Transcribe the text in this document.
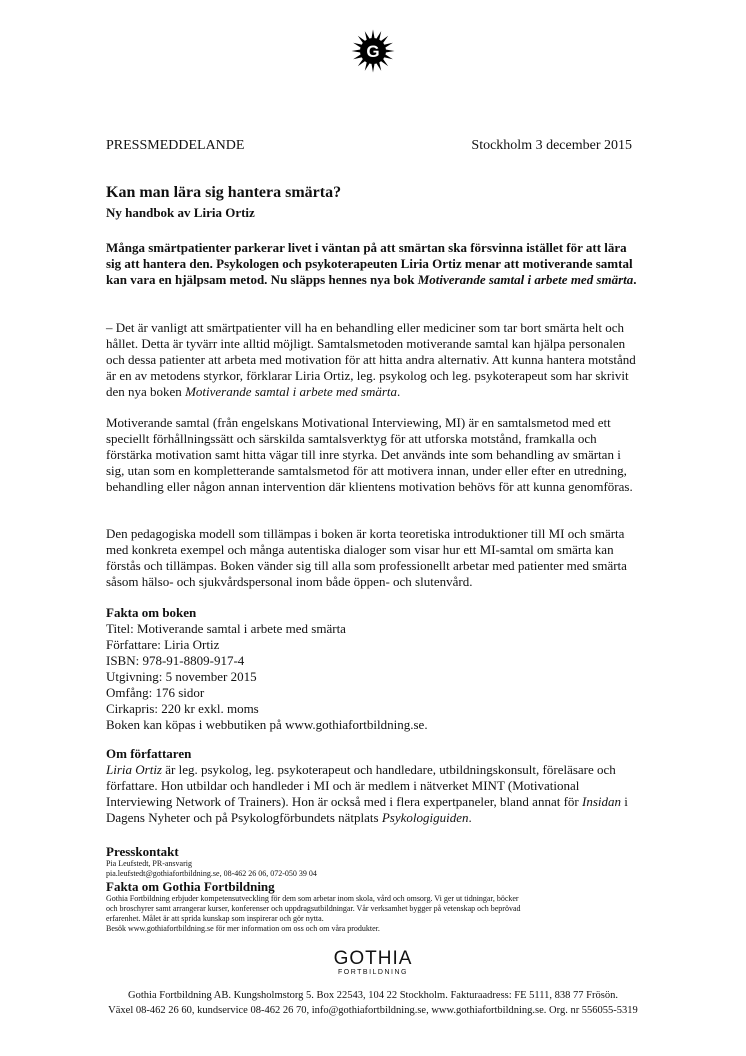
G
PRESSMEDDELANDE	Stockholm 3 december 2015
Kan man lära sig hantera smärta?
Ny handbok av Liria Ortiz

Många smärtpatienter parkerar livet i väntan på att smärtan ska försvinna istället för att lära sig att hantera den. Psykologen och psykoterapeuten Liria Ortiz menar att motiverande samtal kan vara en hjälpsam metod. Nu släpps hennes nya bok Motiverande samtal i arbete med smärta.

– Det är vanligt att smärtpatienter vill ha en behandling eller mediciner som tar bort smärta helt och hållet. Detta är tyvärr inte alltid möjligt. Samtalsmetoden motiverande samtal kan hjälpa personalen och dessa patienter att arbeta med motivation för att hitta andra alternativ. Att kunna hantera motstånd är en av metodens styrkor, förklarar Liria Ortiz, leg. psykolog och leg. psykoterapeut som har skrivit den nya boken Motiverande samtal i arbete med smärta.

Motiverande samtal (från engelskans Motivational Interviewing, MI) är en samtalsmetod med ett speciellt förhållningssätt och särskilda samtalsverktyg för att utforska motstånd, framkalla och förstärka motivation samt hitta vägar till inre styrka. Det används inte som behandling av smärtan i sig, utan som en kompletterande samtalsmetod för att motivera innan, under eller efter en utredning, behandling eller någon annan intervention där klientens motivation behövs för att kunna genomföras.

Den pedagogiska modell som tillämpas i boken är korta teoretiska introduktioner till MI och smärta med konkreta exempel och många autentiska dialoger som visar hur ett MI-samtal om smärta kan förstås och tillämpas. Boken vänder sig till alla som professionellt arbetar med patienter med smärta såsom hälso- och sjukvårdspersonal inom både öppen- och slutenvård.

Fakta om boken
Titel: Motiverande samtal i arbete med smärta
Författare: Liria Ortiz
ISBN: 978-91-8809-917-4
Utgivning: 5 november 2015
Omfång: 176 sidor
Cirkapris: 220 kr exkl. moms
Boken kan köpas i webbutiken på www.gothiafortbildning.se.
Om författaren
Liria Ortiz är leg. psykolog, leg. psykoterapeut och handledare, utbildningskonsult, föreläsare och författare. Hon utbildar och handleder i MI och är medlem i nätverket MINT (Motivational Interviewing Network of Trainers). Hon är också med i flera expertpaneler, bland annat för Insidan i Dagens Nyheter och på Psykologförbundets nätplats Psykologiguiden.
Presskontakt
Pia Leufstedt, PR-ansvarig
pia.leufstedt@gothiafortbildning.se, 08-462 26 06, 072-050 39 04
Fakta om Gothia Fortbildning
Gothia Fortbildning erbjuder kompetensutveckling för dem som arbetar inom skola, vård och omsorg. Vi ger ut tidningar, böcker
och broschyrer samt arrangerar kurser, konferenser och uppdragsutbildningar. Vår verksamhet bygger på vetenskap och beprövad
erfarenhet. Målet är att sprida kunskap som inspirerar och gör nytta.
Besök www.gothiafortbildning.se för mer information om oss och om våra produkter.
GOTHIA
FORTBILDNING
Gothia Fortbildning AB. Kungsholmstorg 5. Box 22543, 104 22 Stockholm. Fakturaadress: FE 5111, 838 77 Frösön.
Växel 08-462 26 60, kundservice 08-462 26 70, info@gothiafortbildning.se, www.gothiafortbildning.se. Org. nr 556055-5319
